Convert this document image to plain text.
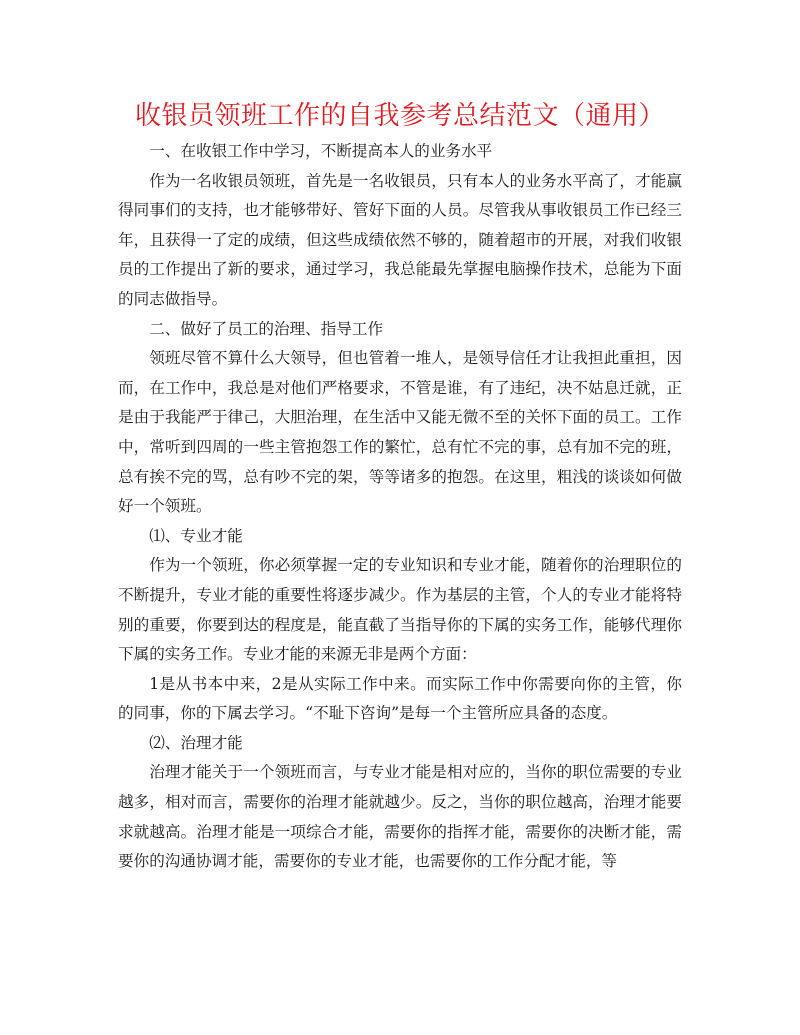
收银员领班工作的自我参考总结范文（通用）

一、在收银工作中学习，不断提高本人的业务水平

作为一名收银员领班，首先是一名收银员，只有本人的业务水平高了，才能赢得同事们的支持，也才能够带好、管好下面的人员。尽管我从事收银员工作已经三年，且获得一了定的成绩，但这些成绩依然不够的，随着超市的开展，对我们收银员的工作提出了新的要求，通过学习，我总能最先掌握电脑操作技术，总能为下面的同志做指导。

二、做好了员工的治理、指导工作

领班尽管不算什么大领导，但也管着一堆人，是领导信任才让我担此重担，因而，在工作中，我总是对他们严格要求，不管是谁，有了违纪，决不姑息迁就，正是由于我能严于律己，大胆治理，在生活中又能无微不至的关怀下面的员工。工作中，常听到四周的一些主管抱怨工作的繁忙，总有忙不完的事，总有加不完的班，总有挨不完的骂，总有吵不完的架，等等诸多的抱怨。在这里，粗浅的谈谈如何做好一个领班。

⑴、专业才能

作为一个领班，你必须掌握一定的专业知识和专业才能，随着你的治理职位的不断提升，专业才能的重要性将逐步减少。作为基层的主管，个人的专业才能将特别的重要，你要到达的程度是，能直截了当指导你的下属的实务工作，能够代理你下属的实务工作。专业才能的来源无非是两个方面：

1是从书本中来，2是从实际工作中来。而实际工作中你需要向你的主管，你的同事，你的下属去学习。“不耻下咨询”是每一个主管所应具备的态度。

⑵、治理才能

治理才能关于一个领班而言，与专业才能是相对应的，当你的职位需要的专业越多，相对而言，需要你的治理才能就越少。反之，当你的职位越高，治理才能要求就越高。治理才能是一项综合才能，需要你的指挥才能，需要你的决断才能，需要你的沟通协调才能，需要你的专业才能，也需要你的工作分配才能，等
